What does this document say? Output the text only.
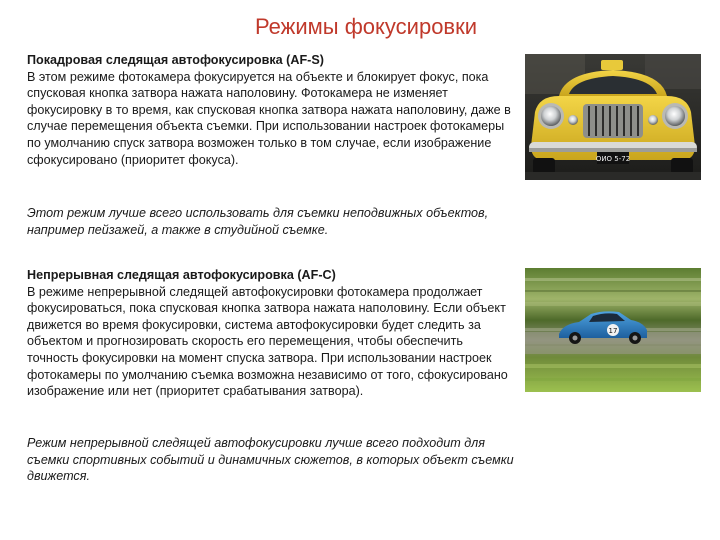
Режимы фокусировки

Покадровая следящая автофокусировка (AF-S)

В этом режиме фотокамера фокусируется на объекте и блокирует фокус, пока спусковая кнопка затвора нажата наполовину. Фотокамера не изменяет фокусировку в то время, как спусковая кнопка затвора нажата наполовину, даже в случае перемещения объекта съемки. При использовании настроек фотокамеры по умолчанию спуск затвора возможен только в том случае, если изображение сфокусировано (приоритет фокуса).

Этот режим лучше всего использовать для съемки неподвижных объектов, например пейзажей, а также в студийной съемке.

Непрерывная следящая автофокусировка (AF-C)

В режиме непрерывной следящей автофокусировки фотокамера продолжает фокусироваться, пока спусковая кнопка затвора нажата наполовину. Если объект движется во время фокусировки, система автофокусировки будет следить за объектом и прогнозировать скорость его перемещения, чтобы обеспечить точность фокусировки на момент спуска затвора. При использовании настроек фотокамеры по умолчанию съемка возможна независимо от того, сфокусировано изображение или нет (приоритет срабатывания затвора).

Режим непрерывной следящей автофокусировки лучше всего подходит для съемки спортивных событий и динамичных сюжетов, в которых объект съемки движется.
ОИО 5-72
17
